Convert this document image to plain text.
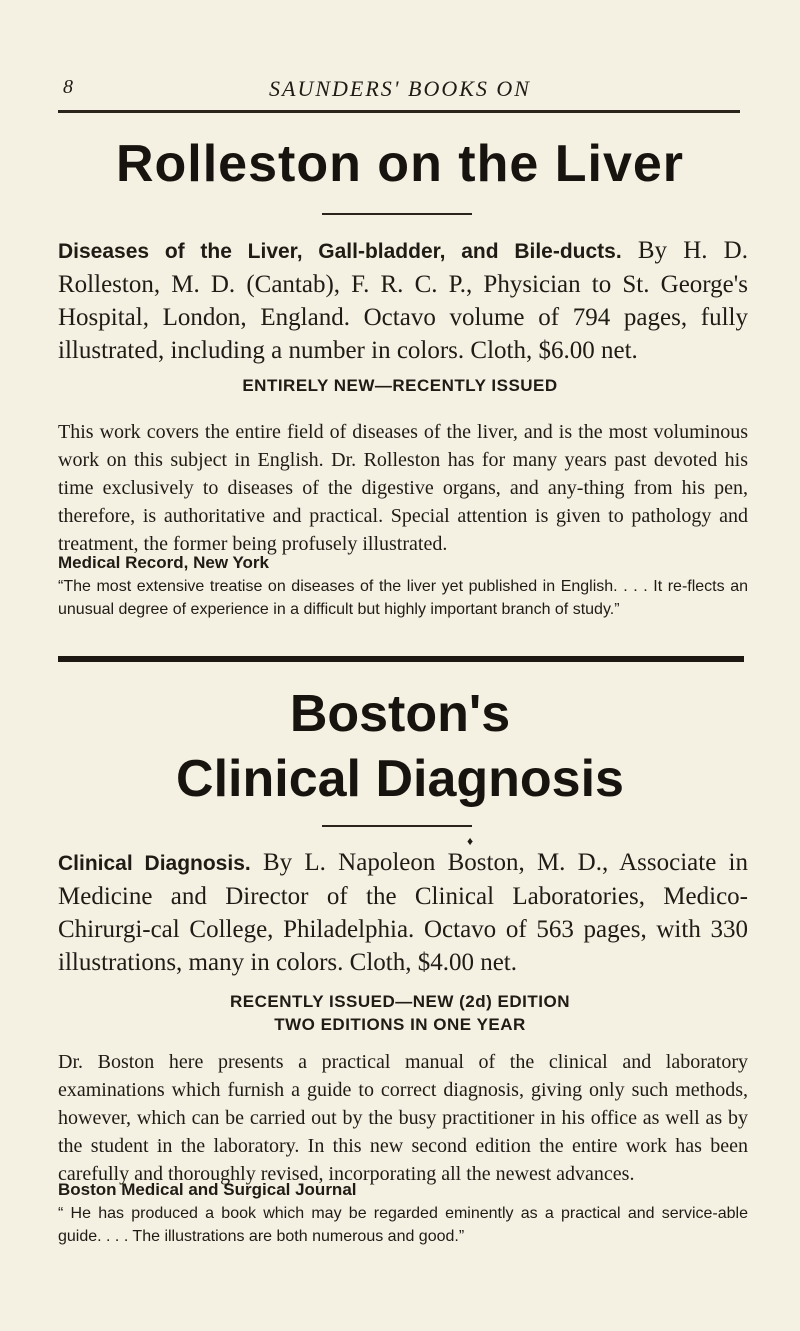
8	SAUNDERS' BOOKS ON
Rolleston on the Liver
Diseases of the Liver, Gall-bladder, and Bile-ducts. By H. D. Rolleston, M. D. (Cantab), F. R. C. P., Physician to St. George's Hospital, London, England. Octavo volume of 794 pages, fully illustrated, including a number in colors. Cloth, $6.00 net.
ENTIRELY NEW—RECENTLY ISSUED
This work covers the entire field of diseases of the liver, and is the most voluminous work on this subject in English. Dr. Rolleston has for many years past devoted his time exclusively to diseases of the digestive organs, and any-thing from his pen, therefore, is authoritative and practical. Special attention is given to pathology and treatment, the former being profusely illustrated.
Medical Record, New York
“The most extensive treatise on diseases of the liver yet published in English. . . . It re-flects an unusual degree of experience in a difficult but highly important branch of study.”
Boston's
Clinical Diagnosis
♦
Clinical Diagnosis. By L. Napoleon Boston, M. D., Associate in Medicine and Director of the Clinical Laboratories, Medico-Chirurgi-cal College, Philadelphia. Octavo of 563 pages, with 330 illustrations, many in colors. Cloth, $4.00 net.
RECENTLY ISSUED—NEW (2d) EDITION
TWO EDITIONS IN ONE YEAR
Dr. Boston here presents a practical manual of the clinical and laboratory examinations which furnish a guide to correct diagnosis, giving only such methods, however, which can be carried out by the busy practitioner in his office as well as by the student in the laboratory. In this new second edition the entire work has been carefully and thoroughly revised, incorporating all the newest advances.
Boston Medical and Surgical Journal
“ He has produced a book which may be regarded eminently as a practical and service-able guide. . . . The illustrations are both numerous and good.”
